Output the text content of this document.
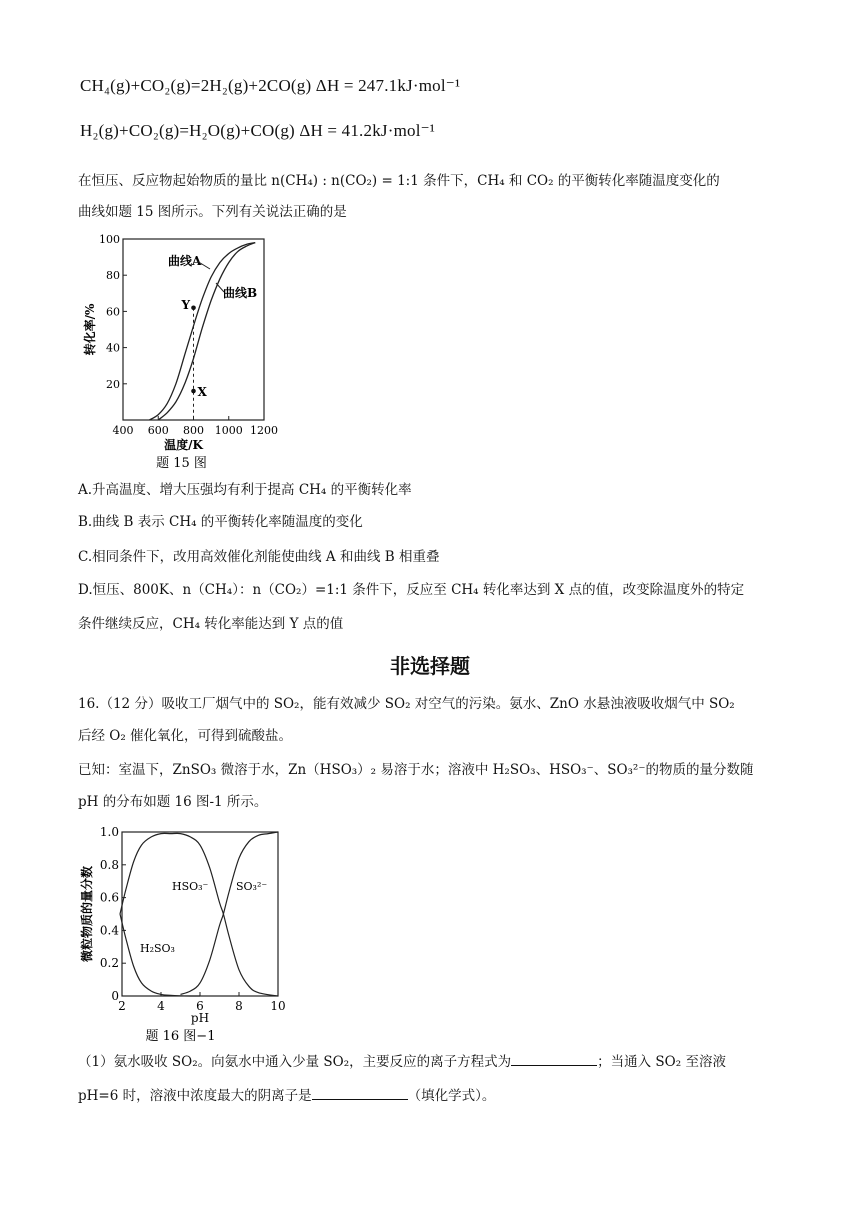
CH₄(g)+CO₂(g)=2H₂(g)+2CO(g) ΔH = 247.1kJ·mol⁻¹
H₂(g)+CO₂(g)=H₂O(g)+CO(g) ΔH = 41.2kJ·mol⁻¹
在恒压、反应物起始物质的量比 n(CH₄) : n(CO₂) = 1:1 条件下，CH₄ 和 CO₂ 的平衡转化率随温度变化的
曲线如题 15 图所示。下列有关说法正确的是
400 600 800 1000 1200
20
40
60
80
100
温度/K
转化率/%
题 15 图
曲线A
曲线B
Y
X
A.升高温度、增大压强均有利于提高 CH₄ 的平衡转化率
B.曲线 B 表示 CH₄ 的平衡转化率随温度的变化
C.相同条件下，改用高效催化剂能使曲线 A 和曲线 B 相重叠
D.恒压、800K、n（CH₄）：n（CO₂）=1:1 条件下，反应至 CH₄ 转化率达到 X 点的值，改变除温度外的特定
条件继续反应，CH₄ 转化率能达到 Y 点的值
非选择题
16.（12 分）吸收工厂烟气中的 SO₂，能有效减少 SO₂ 对空气的污染。氨水、ZnO 水悬浊液吸收烟气中 SO₂
后经 O₂ 催化氧化，可得到硫酸盐。
已知：室温下，ZnSO₃ 微溶于水，Zn（HSO₃）₂ 易溶于水；溶液中 H₂SO₃、HSO₃⁻、SO₃²⁻的物质的量分数随
pH 的分布如题 16 图-1 所示。
2	4	6	8 10
0
0.2
0.4
0.6
0.8
1.0
pH
微粒物质的量分数
题 16 图−1
H₂SO₃
HSO₃⁻	SO₃²⁻
（1）氨水吸收 SO₂。向氨水中通入少量 SO₂，主要反应的离子方程式为	；当通入 SO₂ 至溶液
pH=6 时，溶液中浓度最大的阴离子是	（填化学式）。
